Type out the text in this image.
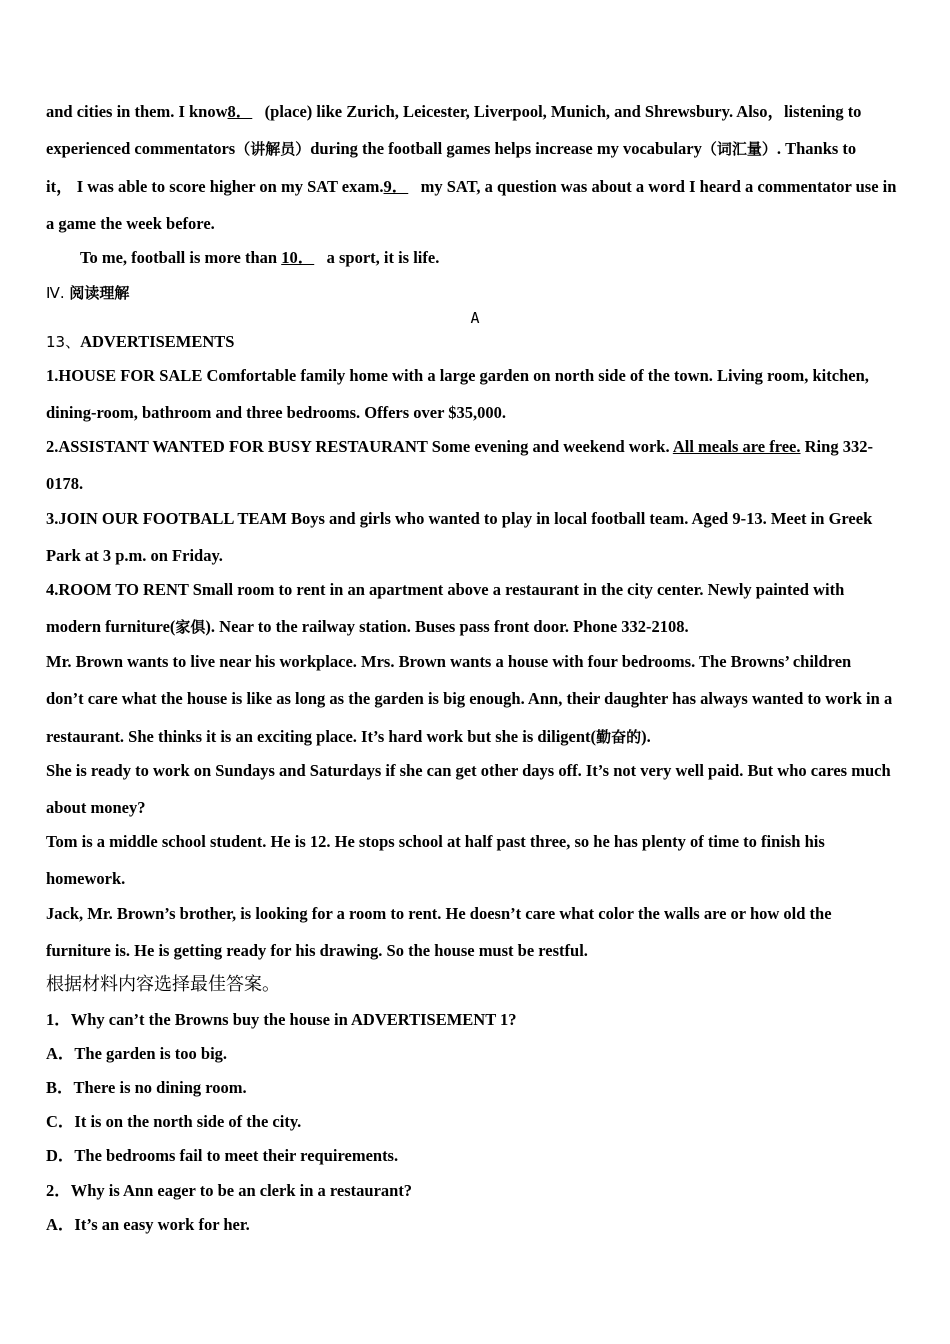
and cities in them. I know8．   (place) like Zurich, Leicester, Liverpool, Munich, and Shrewsbury. Also，listening to
experienced commentators（讲解员）during the football games helps increase my vocabulary（词汇量）. Thanks to
it， I was able to score higher on my SAT exam.9．   my SAT, a question was about a word I heard a commentator use in
a game the week before.
To me, football is more than 10．   a sport, it is life.
Ⅳ. 阅读理解
A
13、ADVERTISEMENTS
1.HOUSE FOR SALE Comfortable family home with a large garden on north side of the town. Living room, kitchen,
dining-room, bathroom and three bedrooms. Offers over $35,000.
2.ASSISTANT WANTED FOR BUSY RESTAURANT Some evening and weekend work. All meals are free. Ring 332-
0178.
3.JOIN OUR FOOTBALL TEAM Boys and girls who wanted to play in local football team. Aged 9-13. Meet in Greek
Park at 3 p.m. on Friday.
4.ROOM TO RENT Small room to rent in an apartment above a restaurant in the city center. Newly painted with
modern furniture(家俱). Near to the railway station. Buses pass front door. Phone 332-2108.
Mr. Brown wants to live near his workplace. Mrs. Brown wants a house with four bedrooms. The Browns’ children
don’t care what the house is like as long as the garden is big enough. Ann, their daughter has always wanted to work in a
restaurant. She thinks it is an exciting place. It’s hard work but she is diligent(勤奋的).
She is ready to work on Sundays and Saturdays if she can get other days off. It’s not very well paid. But who cares much
about money?
Tom is a middle school student. He is 12. He stops school at half past three, so he has plenty of time to finish his
homework.
Jack, Mr. Brown’s brother, is looking for a room to rent. He doesn’t care what color the walls are or how old the
furniture is. He is getting ready for his drawing. So the house must be restful.
根据材料内容选择最佳答案。
1．Why can’t the Browns buy the house in ADVERTISEMENT 1?
A．The garden is too big.
B．There is no dining room.
C．It is on the north side of the city.
D．The bedrooms fail to meet their requirements.
2．Why is Ann eager to be an clerk in a restaurant?
A．It’s an easy work for her.
